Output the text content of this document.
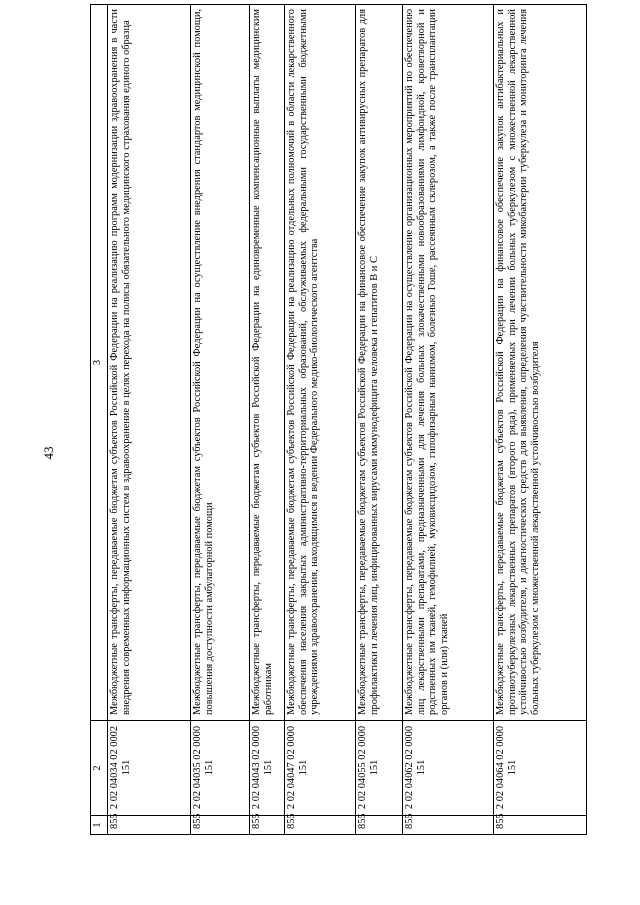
43
1	2	3
855	2 02 04034 02 0002 151	Межбюджетные трансферты, передаваемые бюджетам субъектов Российской Федерации на реализацию программ модернизации здравоохранения в части внедрения современных информационных систем в здравоохранение в целях перехода на полисы обязательного медицинского страхования единого образца
855	2 02 04035 02 0000 151	Межбюджетные трансферты, передаваемые бюджетам субъектов Российской Федерации на осуществление внедрения стандартов медицинской помощи, повышения доступности амбулаторной помощи
855	2 02 04043 02 0000 151	Межбюджетные трансферты, передаваемые бюджетам субъектов Российской Федерации на единовременные компенсационные выплаты медицинским работникам
855	2 02 04047 02 0000 151	Межбюджетные трансферты, передаваемые бюджетам субъектов Российской Федерации на реализацию отдельных полномочий в области лекарственного обеспечения населения закрытых административно-территориальных образований, обслуживаемых федеральными государственными бюджетными учреждениями здравоохранения, находящимися в ведении Федерального медико-биологического агентства
855	2 02 04055 02 0000 151	Межбюджетные трансферты, передаваемые бюджетам субъектов Российской Федерации на финансовое обеспечение закупок антивирусных препаратов для профилактики и лечения лиц, инфицированных вирусами иммунодефицита человека и гепатитов B и C
855	2 02 04062 02 0000 151	Межбюджетные трансферты, передаваемые бюджетам субъектов Российской Федерации на осуществление организационных мероприятий по обеспечению лиц лекарственными препаратами, предназначенными для лечения больных злокачественными новообразованиями лимфоидной, кроветворной и родственных им тканей, гемофилией, муковисцидозом, гипофизарным нанизмом, болезнью Гоше, рассеянным склерозом, а также после трансплантации органов и (или) тканей
855	2 02 04064 02 0000 151	Межбюджетные трансферты, передаваемые бюджетам субъектов Российской Федерации на финансовое обеспечение закупок антибактериальных и противотуберкулезных лекарственных препаратов (второго ряда), применяемых при лечении больных туберкулезом с множественной лекарственной устойчивостью возбудителя, и диагностических средств для выявления, определения чувствительности микобактерии туберкулеза и мониторинга лечения больных туберкулезом с множественной лекарственной устойчивостью возбудителя
